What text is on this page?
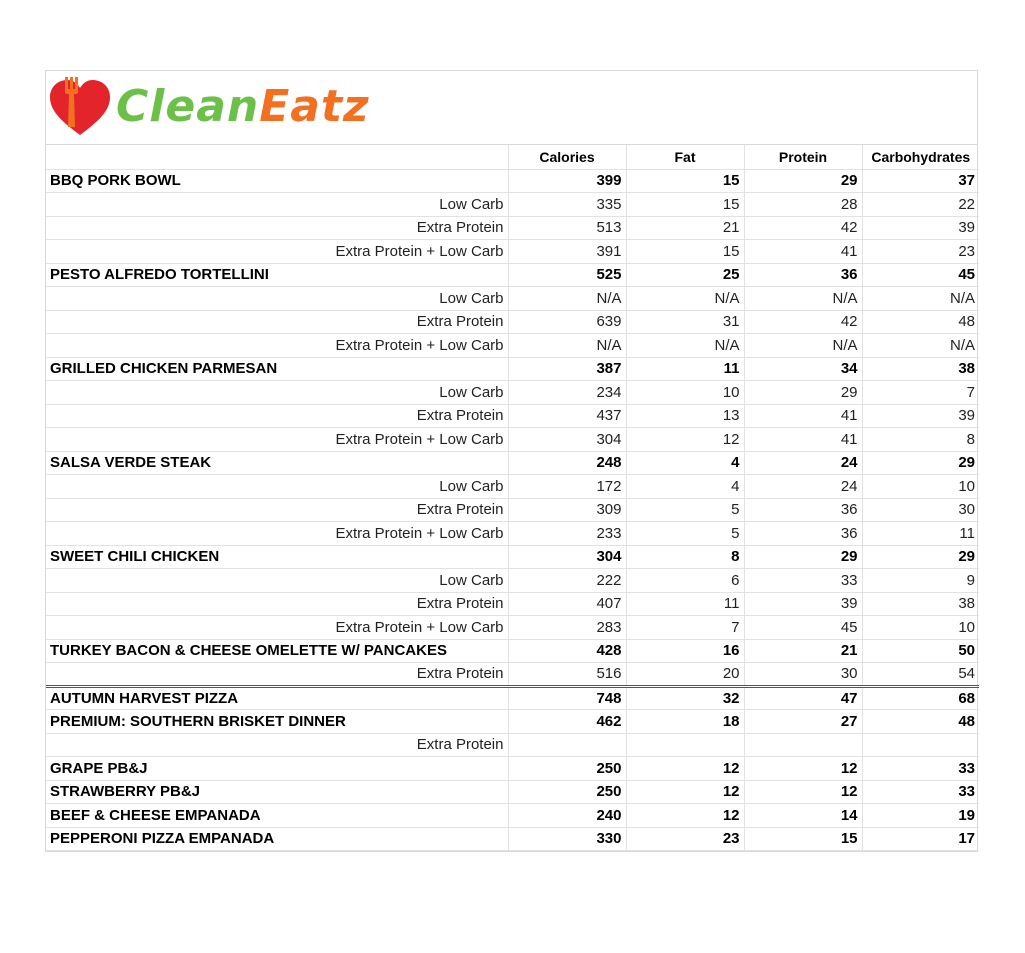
CleanEatz
	Calories	Fat	Protein	Carbohydrates
BBQ PORK BOWL	399	15	29	37
Low Carb	335	15	28	22
Extra Protein	513	21	42	39
Extra Protein + Low Carb	391	15	41	23
PESTO ALFREDO TORTELLINI	525	25	36	45
Low Carb	N/A	N/A	N/A	N/A
Extra Protein	639	31	42	48
Extra Protein + Low Carb	N/A	N/A	N/A	N/A
GRILLED CHICKEN PARMESAN	387	11	34	38
Low Carb	234	10	29	7
Extra Protein	437	13	41	39
Extra Protein + Low Carb	304	12	41	8
SALSA VERDE STEAK	248	4	24	29
Low Carb	172	4	24	10
Extra Protein	309	5	36	30
Extra Protein + Low Carb	233	5	36	11
SWEET CHILI CHICKEN	304	8	29	29
Low Carb	222	6	33	9
Extra Protein	407	11	39	38
Extra Protein + Low Carb	283	7	45	10
TURKEY BACON & CHEESE OMELETTE W/ PANCAKES	428	16	21	50
Extra Protein	516	20	30	54
AUTUMN HARVEST PIZZA	748	32	47	68
PREMIUM: SOUTHERN BRISKET DINNER	462	18	27	48
Extra Protein				
GRAPE PB&J	250	12	12	33
STRAWBERRY PB&J	250	12	12	33
BEEF & CHEESE EMPANADA	240	12	14	19
PEPPERONI PIZZA EMPANADA	330	23	15	17
